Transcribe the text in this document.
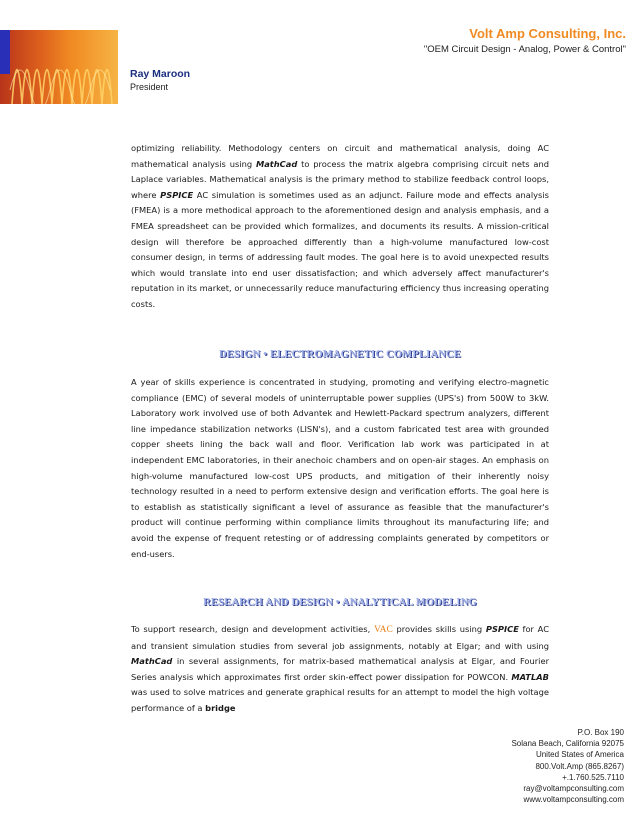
Volt Amp Consulting, Inc.
"OEM Circuit Design - Analog, Power & Control"
Ray Maroon
President

optimizing reliability. Methodology centers on circuit and mathematical analysis, doing AC mathematical analysis using MathCad to process the matrix algebra comprising circuit nets and Laplace variables. Mathematical analysis is the primary method to stabilize feedback control loops, where PSPICE AC simulation is sometimes used as an adjunct. Failure mode and effects analysis (FMEA) is a more methodical approach to the aforementioned design and analysis emphasis, and a FMEA spreadsheet can be provided which formalizes, and documents its results. A mission-critical design will therefore be approached differently than a high-volume manufactured low-cost consumer design, in terms of addressing fault modes. The goal here is to avoid unexpected results which would translate into end user dissatisfaction; and which adversely affect manufacturer's reputation in its market, or unnecessarily reduce manufacturing efficiency thus increasing operating costs.

DESIGN • ELECTROMAGNETIC COMPLIANCE

A year of skills experience is concentrated in studying, promoting and verifying electro-magnetic compliance (EMC) of several models of uninterruptable power supplies (UPS's) from 500W to 3kW. Laboratory work involved use of both Advantek and Hewlett-Packard spectrum analyzers, different line impedance stabilization networks (LISN's), and a custom fabricated test area with grounded copper sheets lining the back wall and floor. Verification lab work was participated in at independent EMC laboratories, in their anechoic chambers and on open-air stages. An emphasis on high-volume manufactured low-cost UPS products, and mitigation of their inherently noisy technology resulted in a need to perform extensive design and verification efforts. The goal here is to establish as statistically significant a level of assurance as feasible that the manufacturer's product will continue performing within compliance limits throughout its manufacturing life; and avoid the expense of frequent retesting or of addressing complaints generated by competitors or end-users.

RESEARCH AND DESIGN • ANALYTICAL MODELING

To support research, design and development activities, VAC provides skills using PSPICE for AC and transient simulation studies from several job assignments, notably at Elgar; and with using MathCad in several assignments, for matrix-based mathematical analysis at Elgar, and Fourier Series analysis which approximates first order skin-effect power dissipation for POWCON. MATLAB was used to solve matrices and generate graphical results for an attempt to model the high voltage performance of a bridge

P.O. Box 190
Solana Beach, California 92075
United States of America
800.Volt.Amp (865.8267)
+.1.760.525.7110
ray@voltampconsulting.com
www.voltampconsulting.com
